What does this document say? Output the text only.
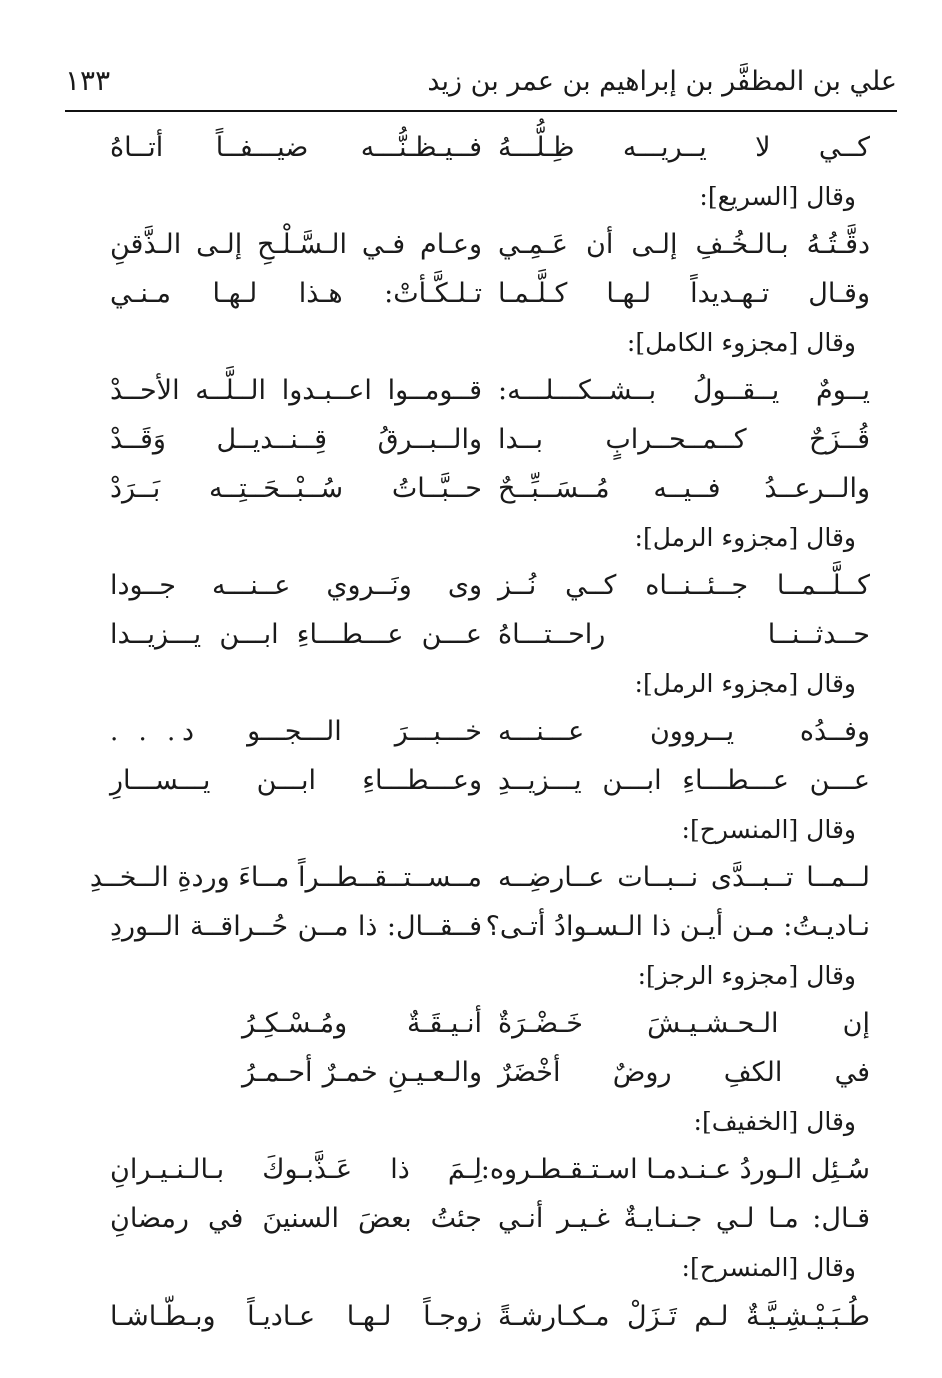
علي بن المظفَّر بن إبراهيم بن عمر بن زيد
١٣٣
كــي لا يــريـــه ظِـلُّـــهُ
فــيـظـنُّـــه ضيـــفــاً أتــاهُ
وقال [السريع]:
دقَّـتُـهُ بـالـخُـفِ إلـى أن عَـمِـي
وعـام فـي الـسَّـلْـحِ إلـى الـذَّقنِ
وقـال تـهـديداً لـهـا كـلَّـمـا
تـلـكَّـأتْ: هـذا لـهـا مـنـي
وقال [مجزوء الكامل]:
يــومٌ يــقــولُ بــشــكـــلـــه:
قــومــوا اعــبـدوا الــلَّــه الأحــدْ
قُــزَحٌ كــمــحــرابٍ بــدا
والــبــرقُ قِــنــديــل وَقَــدْ
والــرعــدُ فــيــه مُــسَــبِّــحٌ
حــبَّــاتُ سُــبْــحَــتِــه بَــرَدْ
وقال [مجزوء الرمل]:
كــلَّــمــا جــئــنــاه كــي نُــز
وى ونَــروي عــنـــه جــودا
حــدثــنــا راحــتـــاهُ
عـــن عـــطـــاءِ ابـــن يـــزيــدا
وقال [مجزوء الرمل]:
وفــدُه يــروون عـــنـــه
خـــبـــرَ الـــجـــو د
. . .
عـــن عـــطـــاءِ ابـــن يـــزيــدِ
وعـــطـــاءِ ابـــن يـــســـارِ
وقال [المنسرح]:
لــمــا تــبــدَّى نــبــات عــارضِــه
مــســتــقــطــراً مــاءَ وردةِ الــخــدِ
نـاديـتُ: مـن أيـن ذا الـسـوادُ أتـى؟
فــقــال: ذا مــن حُــراقــة الــوردِ
وقال [مجزوء الرجز]:
إن الـحـشـيـشَ خَـضْـرَةٌ
أنـيـقَـةٌ ومُـسْـكِـرُ
في الكفِ روضٌ أخْضَرٌ
والـعـيـنِ خمـرٌ أحـمـرُ
وقال [الخفيف]:
سُـئِل الـوردُ عـنـدمـا اسـتـقـطـروه:
لِـمَ ذا عَـذَّبـوكَ بـالـنـيـرانِ
قـال: مـا لـي جـنـايـةٌ غـيـر أنـي
جئتُ بعضَ السنينَ في رمضانِ
وقال [المنسرح]:
طُـبَـيْـشِـيَّـةٌ لـم تَـزَلْ مـكـارشـةً
زوجـاً لـهـا عـاديـاً وبـطّـاشـا
